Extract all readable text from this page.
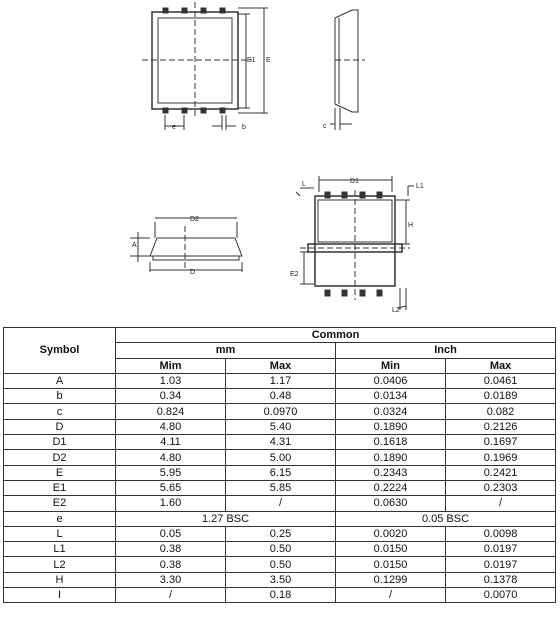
e	b
E1 E
c
A
D2
D
L	D1
L1
H
E2
L2
Symbol	Common			
	mm		Inch	
	Mim	Max	Min	Max
A	1.03	1.17	0.0406	0.0461
b	0.34	0.48	0.0134	0.0189
c	0.824	0.0970	0.0324	0.082
D	4.80	5.40	0.1890	0.2126
D1	4.11	4.31	0.1618	0.1697
D2	4.80	5.00	0.1890	0.1969
E	5.95	6.15	0.2343	0.2421
E1	5.65	5.85	0.2224	0.2303
E2	1.60	/	0.0630	/
e	1.27 BSC		0.05 BSC	
L	0.05	0.25	0.0020	0.0098
L1	0.38	0.50	0.0150	0.0197
L2	0.38	0.50	0.0150	0.0197
H	3.30	3.50	0.1299	0.1378
I	/	0.18	/	0.0070
